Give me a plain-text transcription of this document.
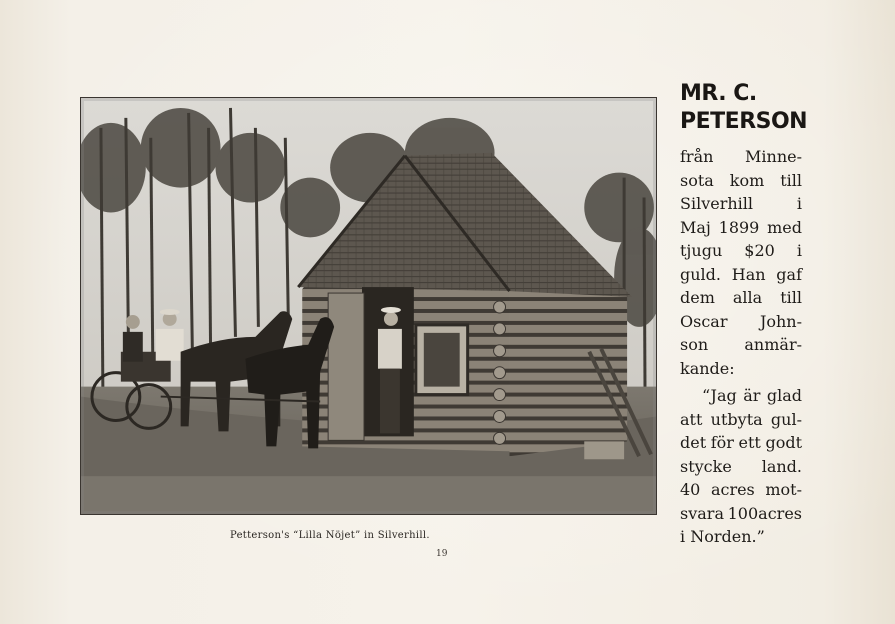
Petterson's “Lilla Nöjet” in Silverhill.
19
MR. C.
PETERSON
från Minne-
sota kom till
Silverhill	i
Maj 1899 med
tjugu $20 i
guld. Han gaf
dem alla till
Oscar John-
son anmär-
kande:
“Jag är glad
att utbyta gul-
det för ett godt
stycke land.
40 acres mot-
svara 100acres
i
Norden.”
